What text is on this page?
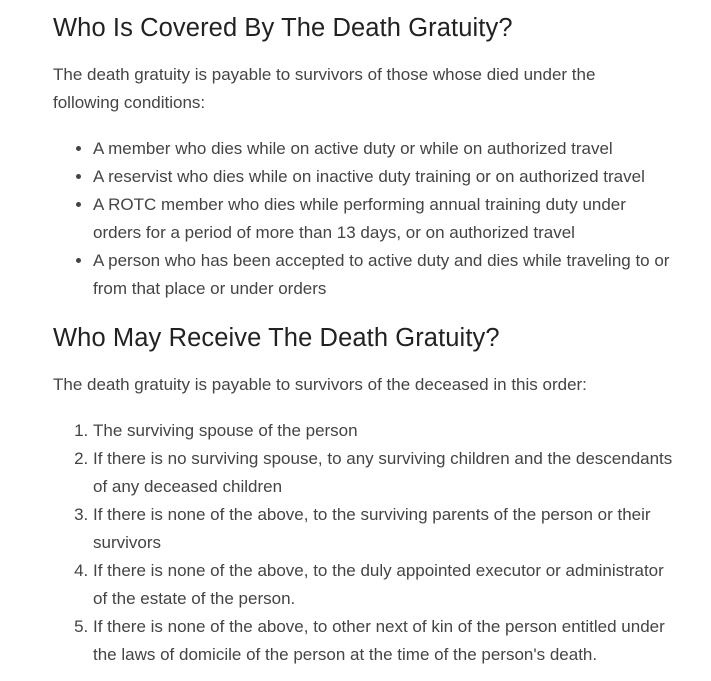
Who Is Covered By The Death Gratuity?

The death gratuity is payable to survivors of those whose died under the following conditions:

• A member who dies while on active duty or while on authorized travel
• A reservist who dies while on inactive duty training or on authorized travel
• A ROTC member who dies while performing annual training duty under orders for a period of more than 13 days, or on authorized travel
• A person who has been accepted to active duty and dies while traveling to or from that place or under orders
Who May Receive The Death Gratuity?

The death gratuity is payable to survivors of the deceased in this order:

1. The surviving spouse of the person
2. If there is no surviving spouse, to any surviving children and the descendants of any deceased children
3. If there is none of the above, to the surviving parents of the person or their survivors
4. If there is none of the above, to the duly appointed executor or administrator of the estate of the person.
5. If there is none of the above, to other next of kin of the person entitled under the laws of domicile of the person at the time of the person's death.
